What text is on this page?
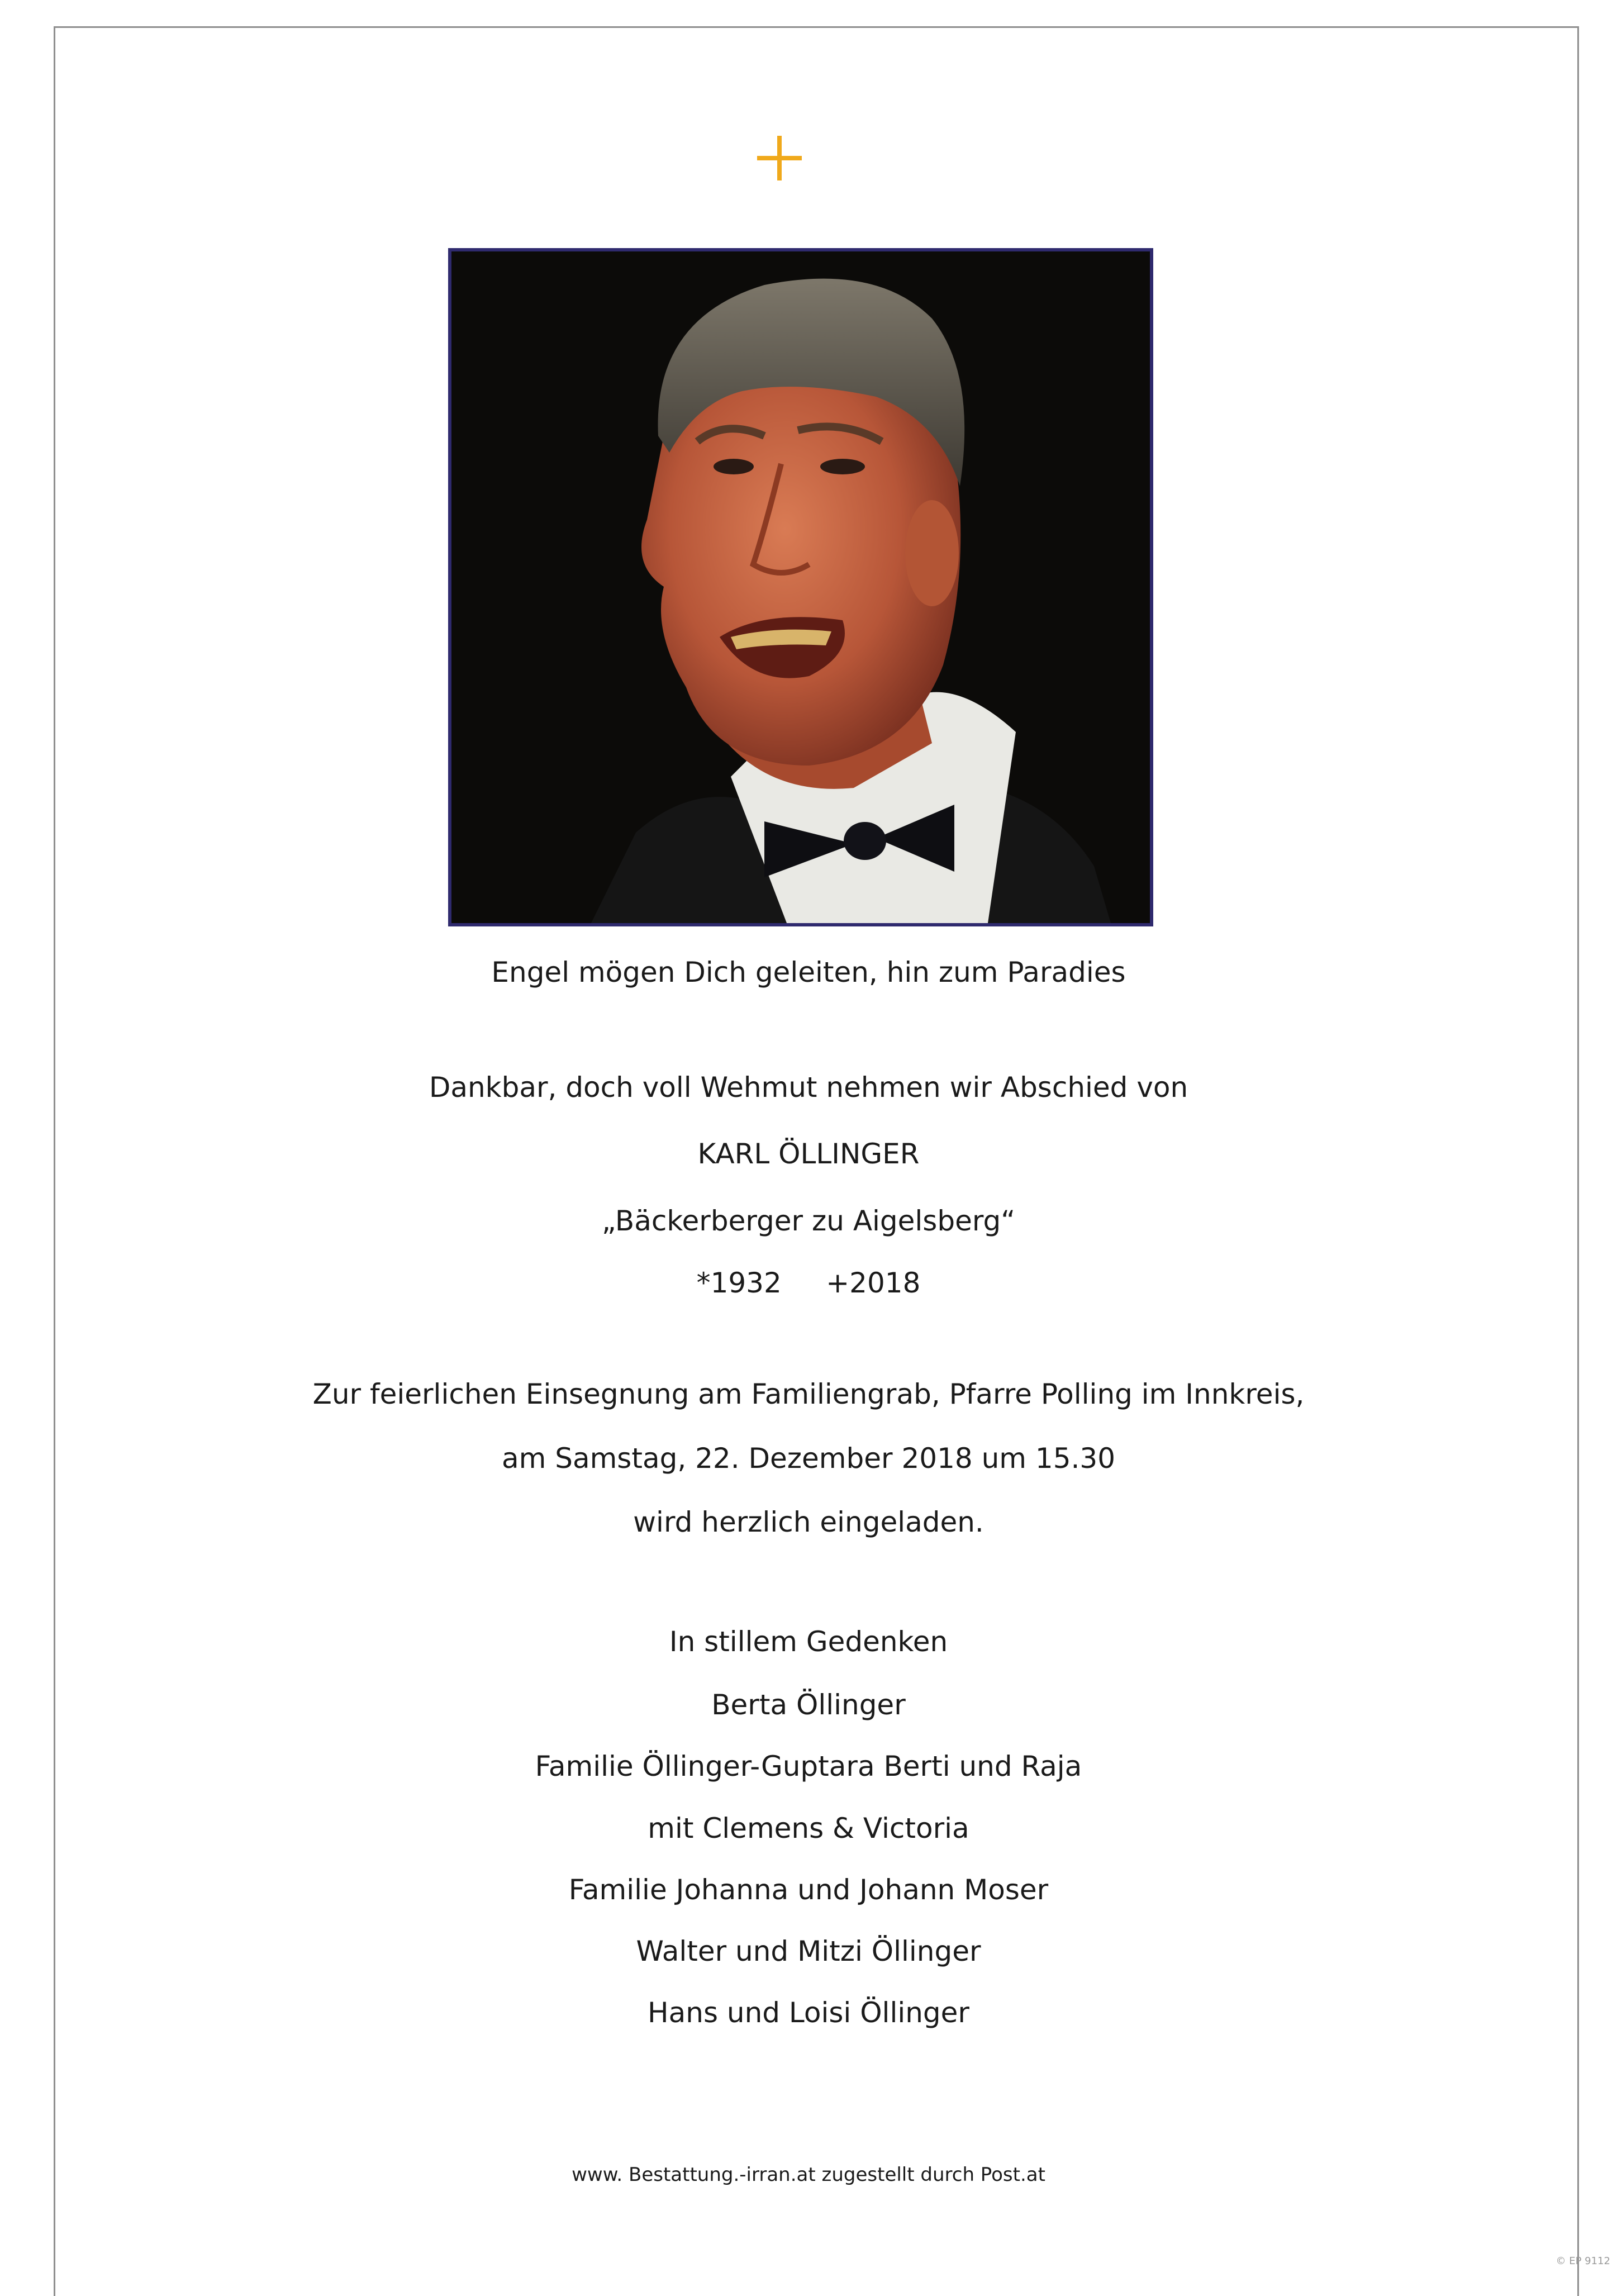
Engel mögen Dich geleiten, hin zum Paradies
Dankbar, doch voll Wehmut nehmen wir Abschied von
KARL ÖLLINGER
„Bäckerberger zu Aigelsberg“
*1932     +2018
Zur feierlichen Einsegnung am Familiengrab, Pfarre Polling im Innkreis,
am Samstag, 22. Dezember 2018 um 15.30
wird herzlich eingeladen.
In stillem Gedenken
Berta Öllinger
Familie Öllinger-Guptara Berti und Raja
mit Clemens & Victoria
Familie Johanna und Johann Moser
Walter und Mitzi Öllinger
Hans und Loisi Öllinger
www. Bestattung.-irran.at zugestellt durch Post.at
© EP 9112
